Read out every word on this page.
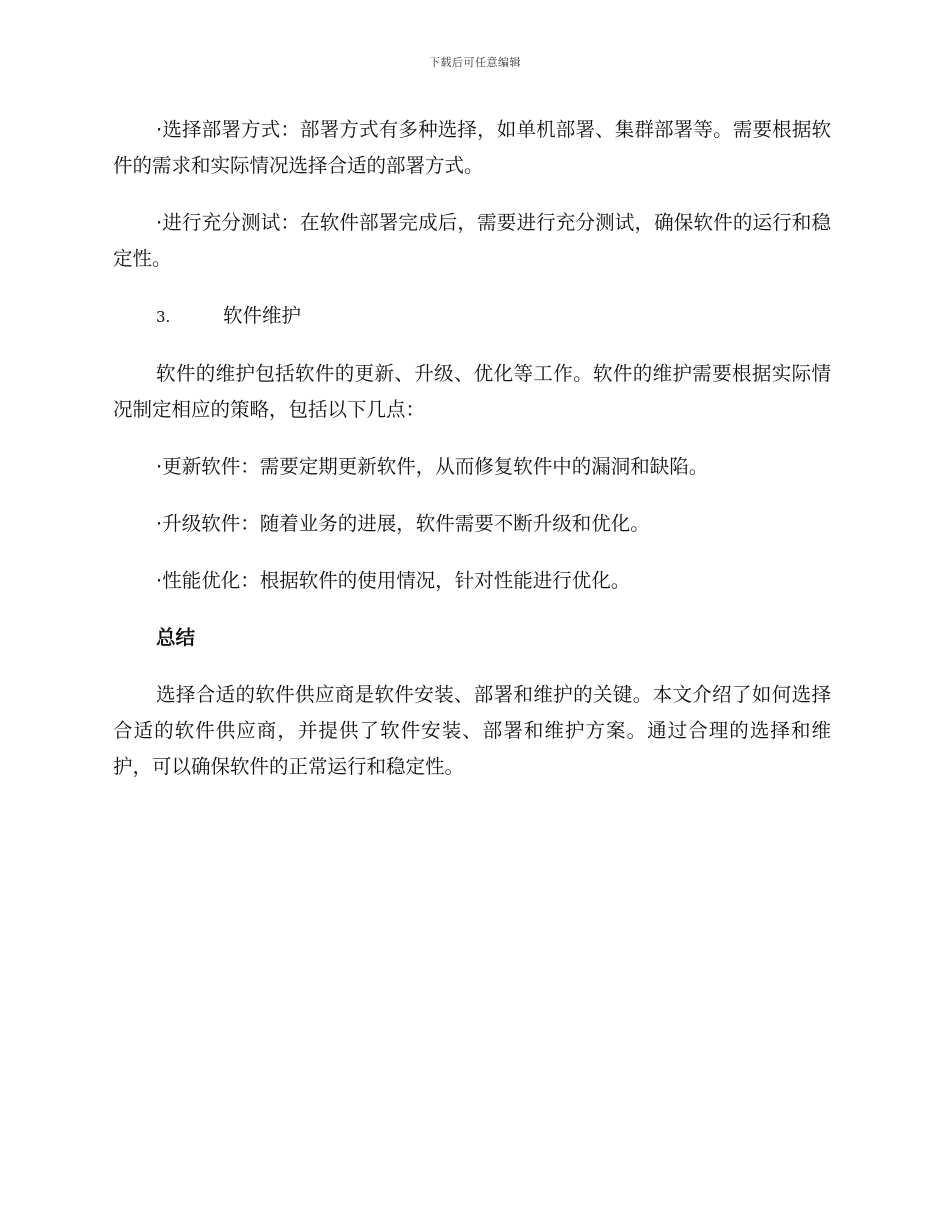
下载后可任意编辑

·选择部署方式：部署方式有多种选择，如单机部署、集群部署等。需要根据软件的需求和实际情况选择合适的部署方式。

·进行充分测试：在软件部署完成后，需要进行充分测试，确保软件的运行和稳定性。

3.	软件维护

软件的维护包括软件的更新、升级、优化等工作。软件的维护需要根据实际情况制定相应的策略，包括以下几点：

·更新软件：需要定期更新软件，从而修复软件中的漏洞和缺陷。

·升级软件：随着业务的进展，软件需要不断升级和优化。

·性能优化：根据软件的使用情况，针对性能进行优化。

总结

选择合适的软件供应商是软件安装、部署和维护的关键。本文介绍了如何选择合适的软件供应商，并提供了软件安装、部署和维护方案。通过合理的选择和维护，可以确保软件的正常运行和稳定性。
